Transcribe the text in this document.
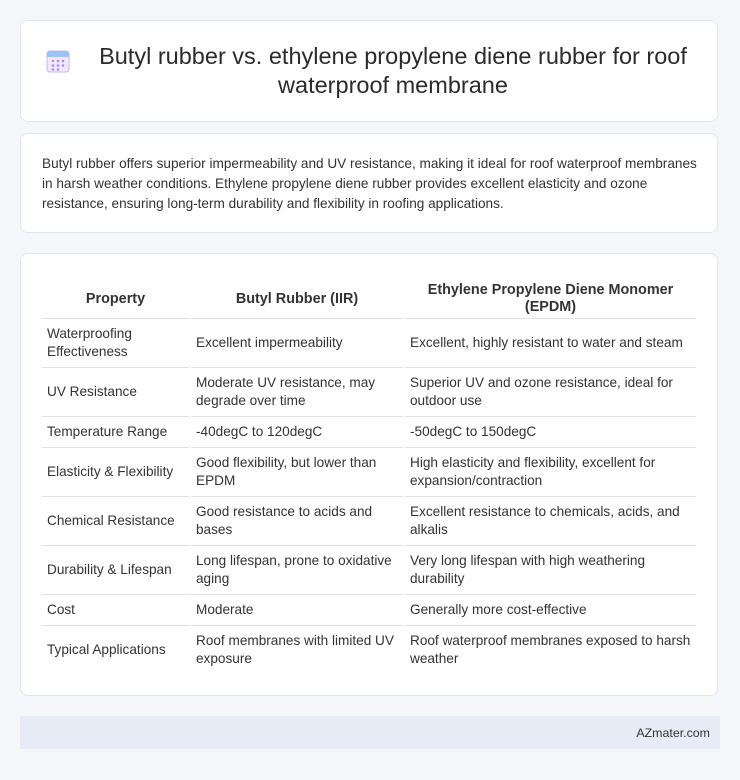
Butyl rubber vs. ethylene propylene diene rubber for roof waterproof membrane

Butyl rubber offers superior impermeability and UV resistance, making it ideal for roof waterproof membranes in harsh weather conditions. Ethylene propylene diene rubber provides excellent elasticity and ozone resistance, ensuring long-term durability and flexibility in roofing applications.

Property	Butyl Rubber (IIR)	Ethylene Propylene Diene Monomer (EPDM)
Waterproofing Effectiveness	Excellent impermeability	Excellent, highly resistant to water and steam
UV Resistance	Moderate UV resistance, may degrade over time	Superior UV and ozone resistance, ideal for outdoor use
Temperature Range	-40degC to 120degC	-50degC to 150degC
Elasticity & Flexibility	Good flexibility, but lower than EPDM	High elasticity and flexibility, excellent for expansion/contraction
Chemical Resistance	Good resistance to acids and bases	Excellent resistance to chemicals, acids, and alkalis
Durability & Lifespan	Long lifespan, prone to oxidative aging	Very long lifespan with high weathering durability
Cost	Moderate	Generally more cost-effective
Typical Applications	Roof membranes with limited UV exposure	Roof waterproof membranes exposed to harsh weather
AZmater.com
